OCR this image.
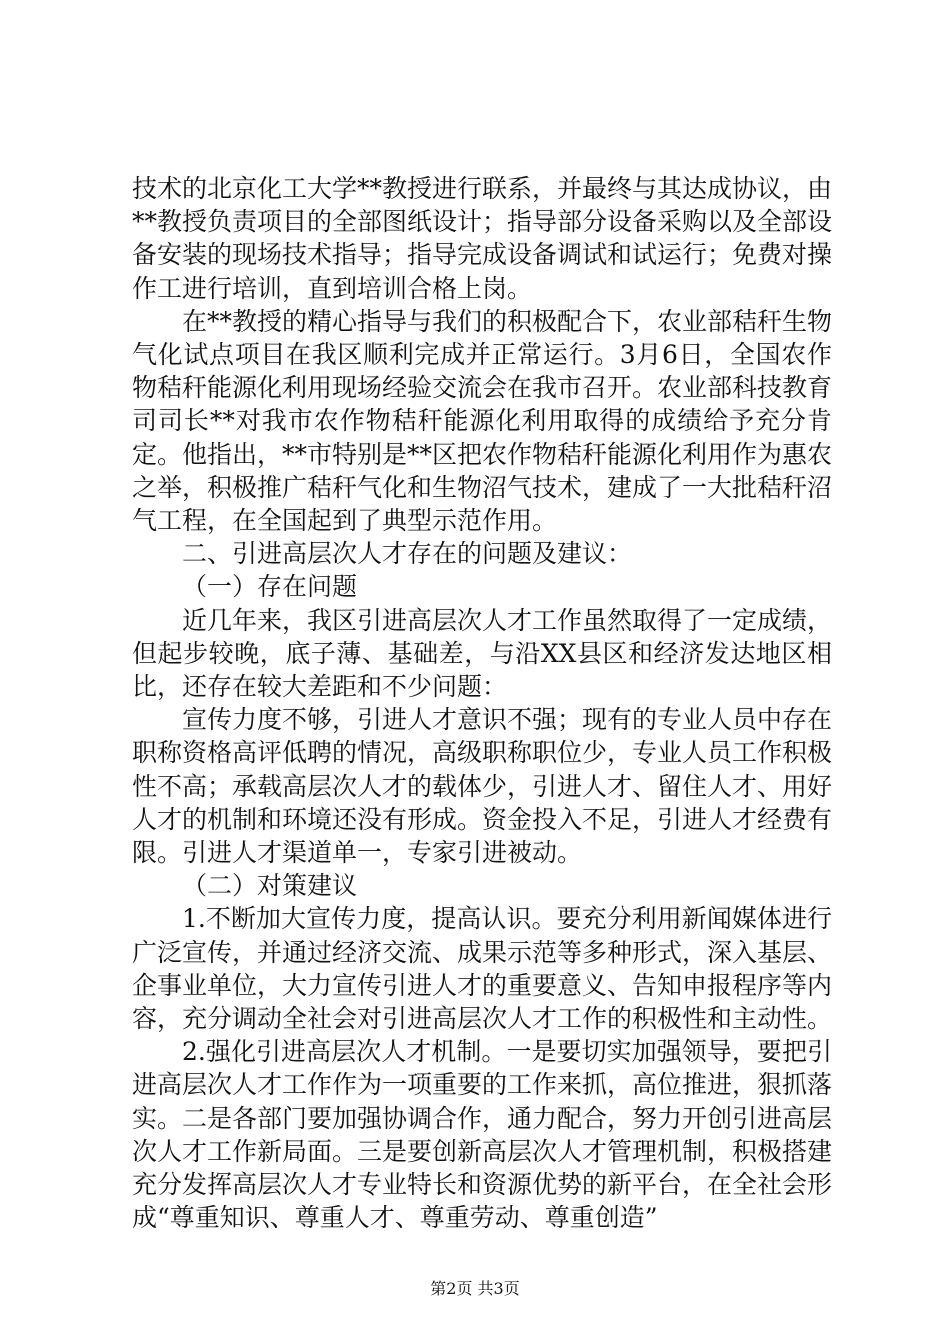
技术的北京化工大学**教授进行联系，并最终与其达成协议，由**教授负责项目的全部图纸设计；指导部分设备采购以及全部设备安装的现场技术指导；指导完成设备调试和试运行；免费对操作工进行培训，直到培训合格上岗。

在**教授的精心指导与我们的积极配合下，农业部秸秆生物气化试点项目在我区顺利完成并正常运行。3月6日，全国农作物秸秆能源化利用现场经验交流会在我市召开。农业部科技教育司司长**对我市农作物秸秆能源化利用取得的成绩给予充分肯定。他指出，**市特别是**区把农作物秸秆能源化利用作为惠农之举，积极推广秸秆气化和生物沼气技术，建成了一大批秸秆沼气工程，在全国起到了典型示范作用。

二、引进高层次人才存在的问题及建议：

（一）存在问题

近几年来，我区引进高层次人才工作虽然取得了一定成绩，但起步较晚，底子薄、基础差，与沿XX县区和经济发达地区相比，还存在较大差距和不少问题：

宣传力度不够，引进人才意识不强；现有的专业人员中存在职称资格高评低聘的情况，高级职称职位少，专业人员工作积极性不高；承载高层次人才的载体少，引进人才、留住人才、用好人才的机制和环境还没有形成。资金投入不足，引进人才经费有限。引进人才渠道单一，专家引进被动。

（二）对策建议

1.不断加大宣传力度，提高认识。要充分利用新闻媒体进行广泛宣传，并通过经济交流、成果示范等多种形式，深入基层、企事业单位，大力宣传引进人才的重要意义、告知申报程序等内容，充分调动全社会对引进高层次人才工作的积极性和主动性。

2.强化引进高层次人才机制。一是要切实加强领导，要把引进高层次人才工作作为一项重要的工作来抓，高位推进，狠抓落实。二是各部门要加强协调合作，通力配合，努力开创引进高层次人才工作新局面。三是要创新高层次人才管理机制，积极搭建充分发挥高层次人才专业特长和资源优势的新平台，在全社会形成“尊重知识、尊重人才、尊重劳动、尊重创造”

第2页 共3页
